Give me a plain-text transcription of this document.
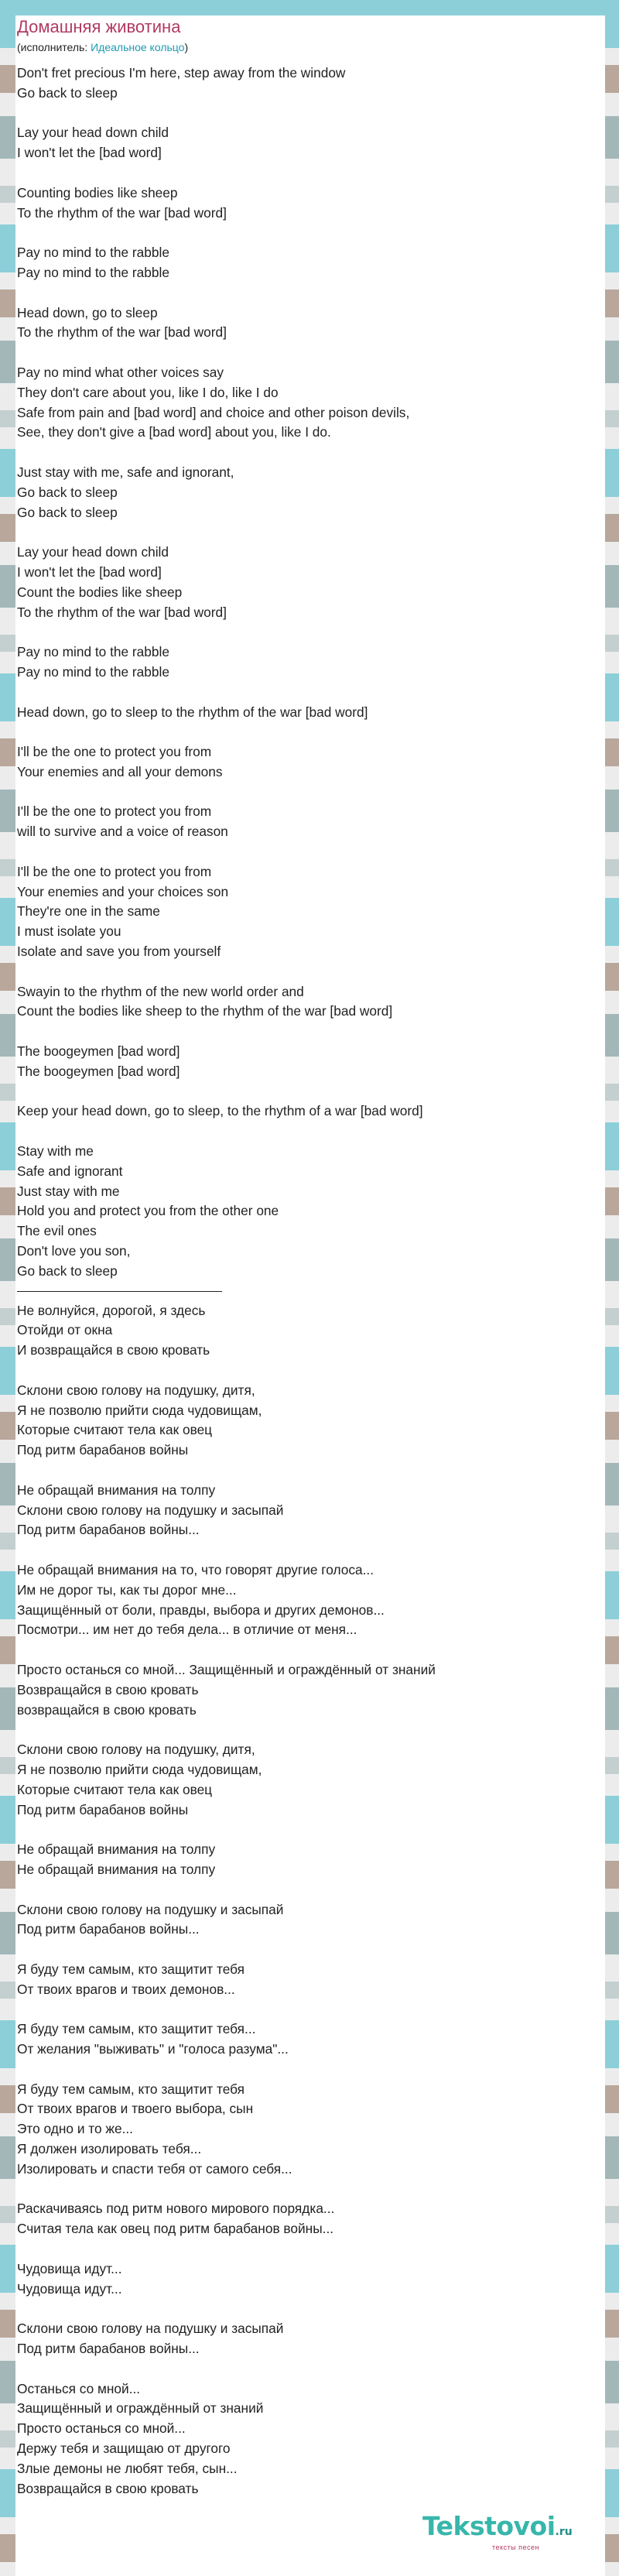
Домашняя животина
(исполнитель: Идеальное кольцо)
Don't fret precious I'm here, step away from the window
Go back to sleep
Lay your head down child
I won't let the [bad word]
Counting bodies like sheep
To the rhythm of the war [bad word]
Pay no mind to the rabble
Pay no mind to the rabble
Head down, go to sleep
To the rhythm of the war [bad word]
Pay no mind what other voices say
They don't care about you, like I do, like I do
Safe from pain and [bad word] and choice and other poison devils,
See, they don't give a [bad word] about you, like I do.
Just stay with me, safe and ignorant,
Go back to sleep
Go back to sleep
Lay your head down child
I won't let the [bad word]
Count the bodies like sheep
To the rhythm of the war [bad word]
Pay no mind to the rabble
Pay no mind to the rabble
Head down, go to sleep to the rhythm of the war [bad word]
I'll be the one to protect you from
Your enemies and all your demons
I'll be the one to protect you from
will to survive and a voice of reason
I'll be the one to protect you from
Your enemies and your choices son
They're one in the same
I must isolate you
Isolate and save you from yourself
Swayin to the rhythm of the new world order and
Count the bodies like sheep to the rhythm of the war [bad word]
The boogeymen [bad word]
The boogeymen [bad word]
Keep your head down, go to sleep, to the rhythm of a war [bad word]
Stay with me
Safe and ignorant
Just stay with me
Hold you and protect you from the other one
The evil ones
Don't love you son,
Go back to sleep
Не волнуйся, дорогой, я здесь
Отойди от окна
И возвращайся в свою кровать
Склони свою голову на подушку, дитя,
Я не позволю прийти сюда чудовищам,
Которые считают тела как овец
Под ритм барабанов войны
Не обращай внимания на толпу
Склони свою голову на подушку и засыпай
Под ритм барабанов войны...
Не обращай внимания на то, что говорят другие голоса...
Им не дорог ты, как ты дорог мне...
Защищённый от боли, правды, выбора и других демонов...
Посмотри... им нет до тебя дела... в отличие от меня...
Просто останься со мной... Защищённый и ограждённый от знаний
Возвращайся в свою кровать
возвращайся в свою кровать
Склони свою голову на подушку, дитя,
Я не позволю прийти сюда чудовищам,
Которые считают тела как овец
Под ритм барабанов войны
Не обращай внимания на толпу
Не обращай внимания на толпу
Склони свою голову на подушку и засыпай
Под ритм барабанов войны...
Я буду тем самым, кто защитит тебя
От твоих врагов и твоих демонов...
Я буду тем самым, кто защитит тебя...
От желания "выживать" и "голоса разума"...
Я буду тем самым, кто защитит тебя
От твоих врагов и твоего выбора, сын
Это одно и то же...
Я должен изолировать тебя...
Изолировать и спасти тебя от самого себя...
Раскачиваясь под ритм нового мирового порядка...
Считая тела как овец под ритм барабанов войны...
Чудовища идут...
Чудовища идут...
Склони свою голову на подушку и засыпай
Под ритм барабанов войны...
Останься со мной...
Защищённый и ограждённый от знаний
Просто останься со мной...
Держу тебя и защищаю от другого
Злые демоны не любят тебя, сын...
Возвращайся в свою кровать
Tekstovoi.ru
тексты песен
